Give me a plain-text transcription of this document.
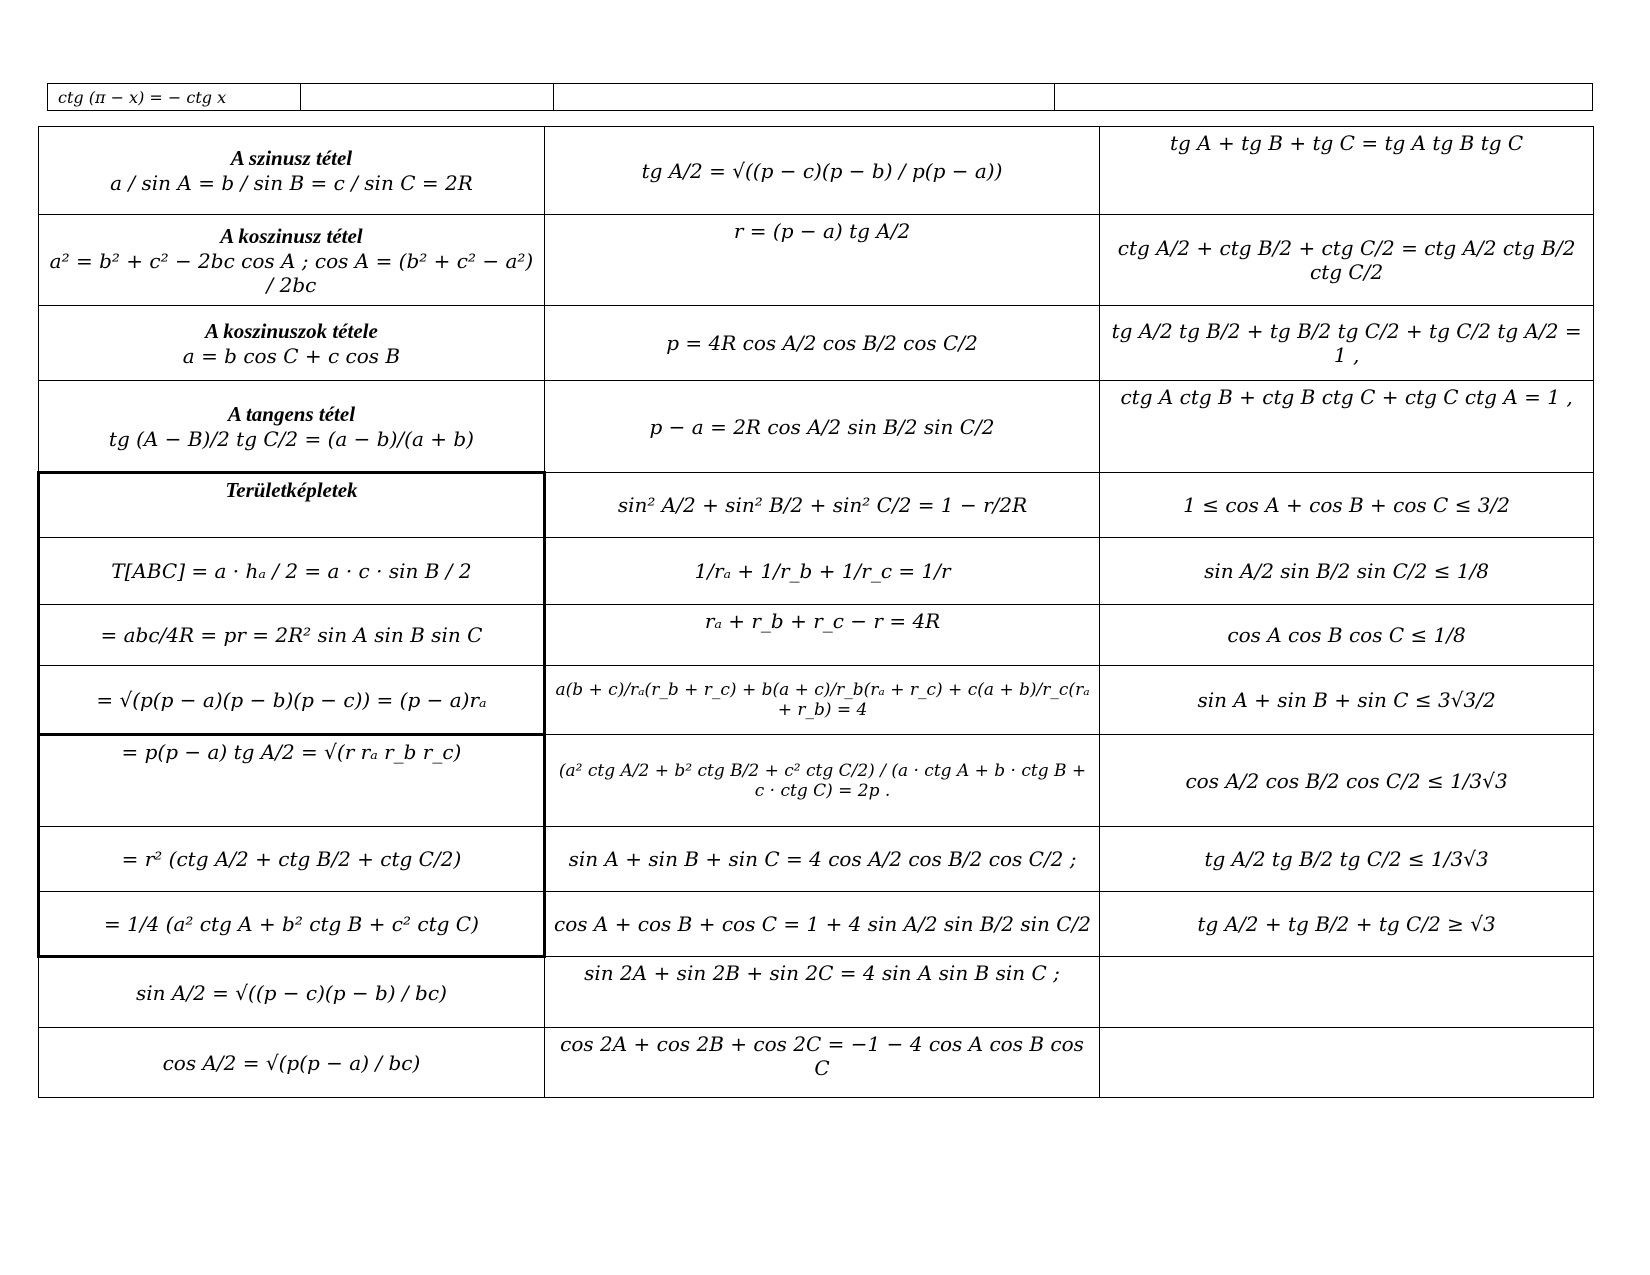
ctg (π − x) = − ctg x			
A szinusz tétel
a / sin A = b / sin B = c / sin C = 2R	tg A/2 = √((p − c)(p − b) / p(p − a))	tg A + tg B + tg C = tg A tg B tg C

A koszinusz tétel
a² = b² + c² − 2bc cos A ; cos A = (b² + c² − a²) / 2bc	r = (p − a) tg A/2	ctg A/2 + ctg B/2 + ctg C/2 = ctg A/2 ctg B/2 ctg C/2

A koszinuszok tétele
a = b cos C + c cos B	p = 4R cos A/2 cos B/2 cos C/2	tg A/2 tg B/2 + tg B/2 tg C/2 + tg C/2 tg A/2 = 1 ,

A tangens tétel
tg (A − B)/2 tg C/2 = (a − b)/(a + b)	p − a = 2R cos A/2 sin B/2 sin C/2	ctg A ctg B + ctg B ctg C + ctg C ctg A = 1 ,

Területképletek	sin² A/2 + sin² B/2 + sin² C/2 = 1 − r/2R	1 ≤ cos A + cos B + cos C ≤ 3/2
T[ABC] = a · hₐ / 2 = a · c · sin B / 2	1/rₐ + 1/r_b + 1/r_c = 1/r	sin A/2 sin B/2 sin C/2 ≤ 1/8
= abc/4R = pr = 2R² sin A sin B sin C	rₐ + r_b + r_c − r = 4R	cos A cos B cos C ≤ 1/8
= √(p(p − a)(p − b)(p − c)) = (p − a)rₐ	a(b + c)/rₐ(r_b + r_c) + b(a + c)/r_b(rₐ + r_c) + c(a + b)/r_c(rₐ + r_b) = 4	sin A + sin B + sin C ≤ 3√3/2
= p(p − a) tg A/2 = √(r rₐ r_b r_c)	(a² ctg A/2 + b² ctg B/2 + c² ctg C/2) / (a · ctg A + b · ctg B + c · ctg C) = 2p .	cos A/2 cos B/2 cos C/2 ≤ 1/3√3
= r² (ctg A/2 + ctg B/2 + ctg C/2)	sin A + sin B + sin C = 4 cos A/2 cos B/2 cos C/2 ;	tg A/2 tg B/2 tg C/2 ≤ 1/3√3
= 1/4 (a² ctg A + b² ctg B + c² ctg C)	cos A + cos B + cos C = 1 + 4 sin A/2 sin B/2 sin C/2	tg A/2 + tg B/2 + tg C/2 ≥ √3
sin A/2 = √((p − c)(p − b) / bc)	sin 2A + sin 2B + sin 2C = 4 sin A sin B sin C ;	
cos A/2 = √(p(p − a) / bc)	cos 2A + cos 2B + cos 2C = −1 − 4 cos A cos B cos C	
